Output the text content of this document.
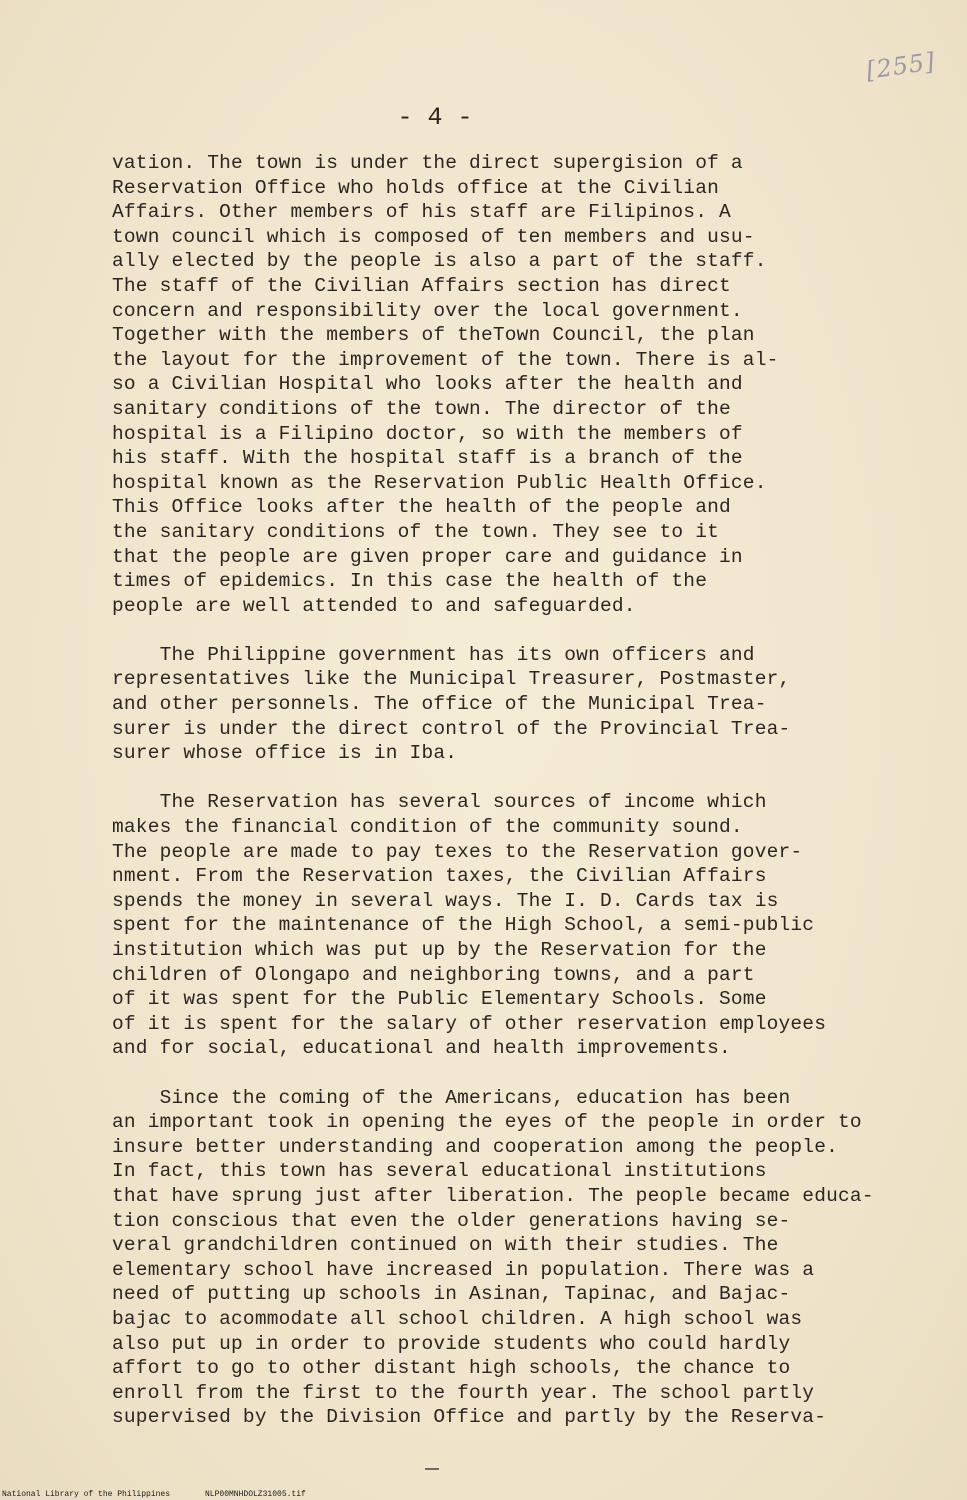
[255]
- 4 -
vation. The town is under the direct supergision of a
Reservation Office who holds office at the Civilian
Affairs. Other members of his staff are Filipinos. A
town council which is composed of ten members and usu-
ally elected by the people is also a part of the staff.
The staff of the Civilian Affairs section has direct
concern and responsibility over the local government.
Together with the members of theTown Council, the plan
the layout for the improvement of the town. There is al-
so a Civilian Hospital who looks after the health and
sanitary conditions of the town. The director of the
hospital is a Filipino doctor, so with the members of
his staff. With the hospital staff is a branch of the
hospital known as the Reservation Public Health Office.
This Office looks after the health of the people and
the sanitary conditions of the town. They see to it
that the people are given proper care and guidance in
times of epidemics. In this case the health of the
people are well attended to and safeguarded.
The Philippine government has its own officers and
representatives like the Municipal Treasurer, Postmaster,
and other personnels. The office of the Municipal Trea-
surer is under the direct control of the Provincial Trea-
surer whose office is in Iba.
The Reservation has several sources of income which
makes the financial condition of the community sound.
The people are made to pay texes to the Reservation gover-
nment. From the Reservation taxes, the Civilian Affairs
spends the money in several ways. The I. D. Cards tax is
spent for the maintenance of the High School, a semi-public
institution which was put up by the Reservation for the
children of Olongapo and neighboring towns, and a part
of it was spent for the Public Elementary Schools. Some
of it is spent for the salary of other reservation employees
and for social, educational and health improvements.
Since the coming of the Americans, education has been
an important took in opening the eyes of the people in order to
insure better understanding and cooperation among the people.
In fact, this town has several educational institutions
that have sprung just after liberation. The people became educa-
tion conscious that even the older generations having se-
veral grandchildren continued on with their studies. The
elementary school have increased in population. There was a
need of putting up schools in Asinan, Tapinac, and Bajac-
bajac to acommodate all school children. A high school was
also put up in order to provide students who could hardly
affort to go to other distant high schools, the chance to
enroll from the first to the fourth year. The school partly
supervised by the Division Office and partly by the Reserva-
National Library of the Philippines	NLP00MNHDOLZ31005.tif
